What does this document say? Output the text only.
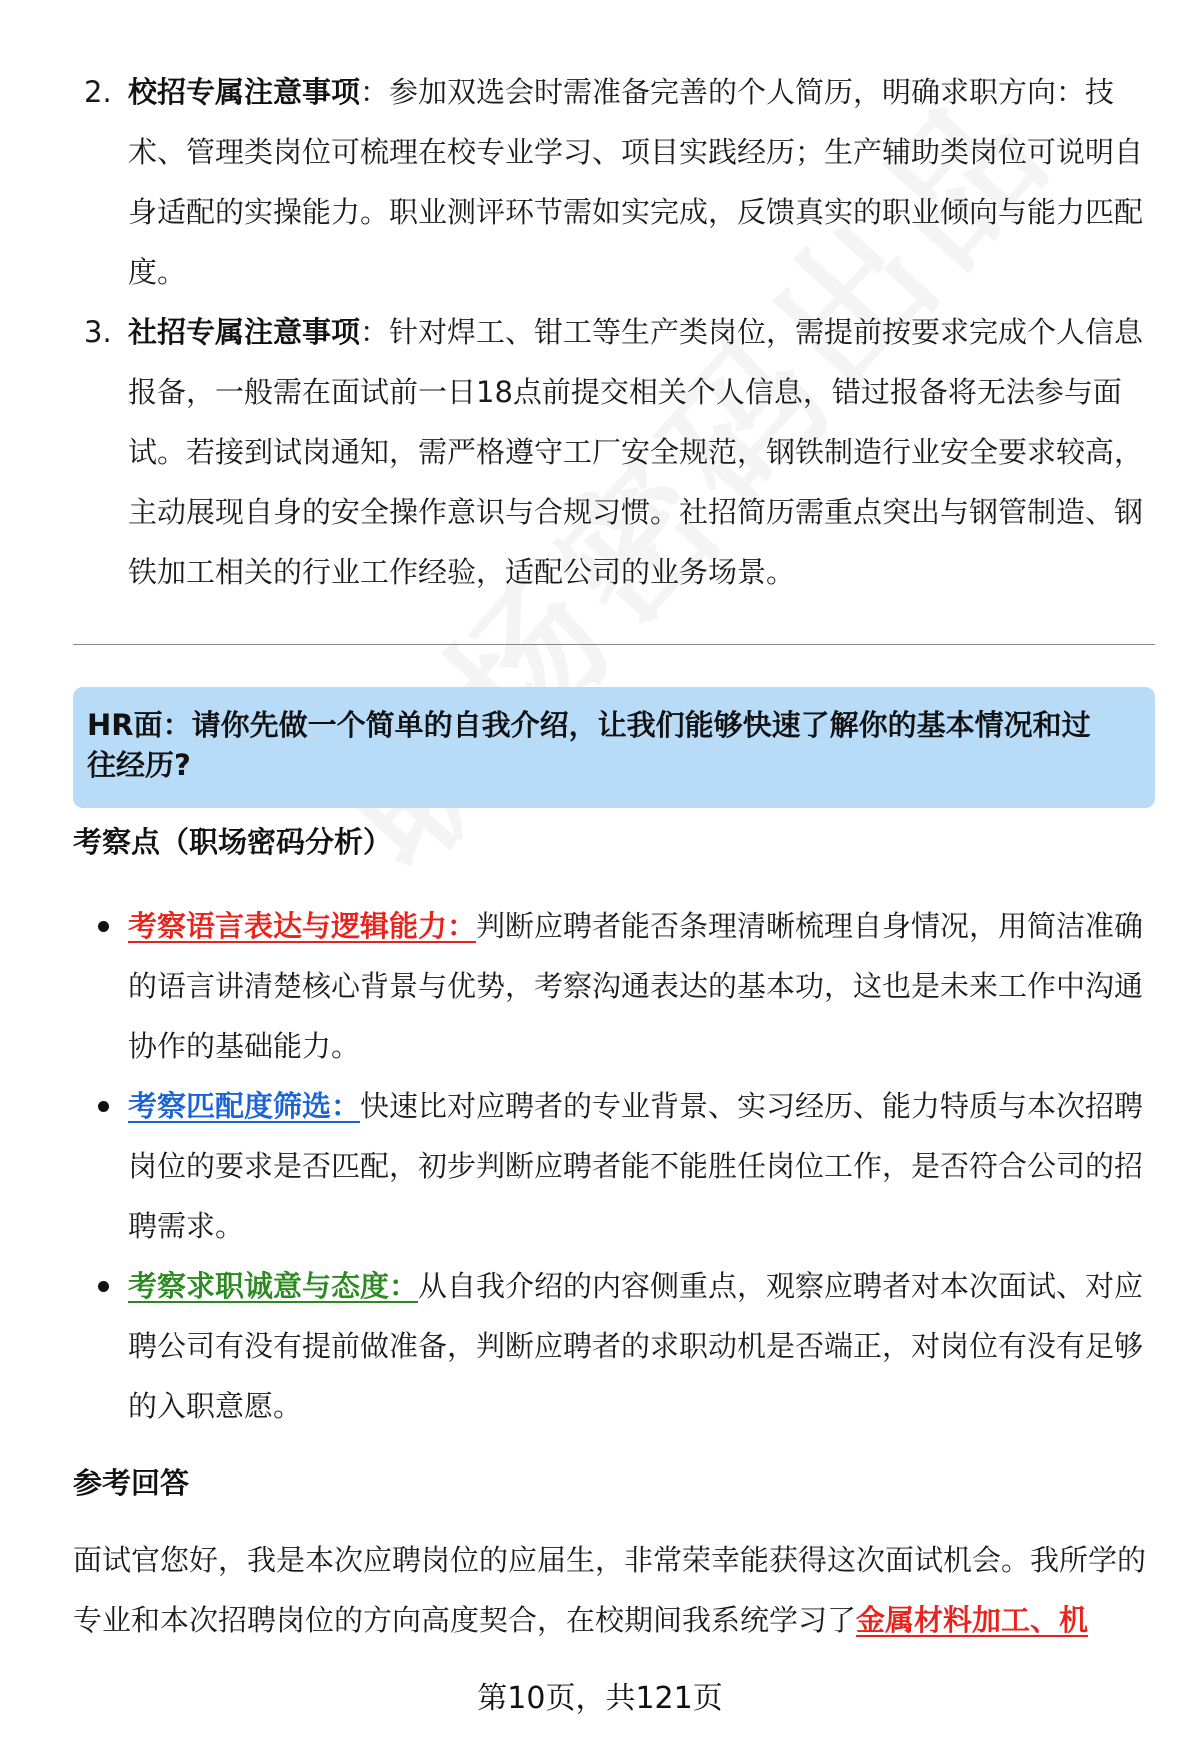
2. 校招专属注意事项：参加双选会时需准备完善的个人简历，明确求职方向：技术、管理类岗位可梳理在校专业学习、项目实践经历；生产辅助类岗位可说明自身适配的实操能力。职业测评环节需如实完成，反馈真实的职业倾向与能力匹配度。
3. 社招专属注意事项：针对焊工、钳工等生产类岗位，需提前按要求完成个人信息报备，一般需在面试前一日18点前提交相关个人信息，错过报备将无法参与面试。若接到试岗通知，需严格遵守工厂安全规范，钢铁制造行业安全要求较高，主动展现自身的安全操作意识与合规习惯。社招简历需重点突出与钢管制造、钢铁加工相关的行业工作经验，适配公司的业务场景。
HR面：请你先做一个简单的自我介绍，让我们能够快速了解你的基本情况和过往经历?
考察点（职场密码分析）
考察语言表达与逻辑能力：判断应聘者能否条理清晰梳理自身情况，用简洁准确的语言讲清楚核心背景与优势，考察沟通表达的基本功，这也是未来工作中沟通协作的基础能力。
考察匹配度筛选：快速比对应聘者的专业背景、实习经历、能力特质与本次招聘岗位的要求是否匹配，初步判断应聘者能不能胜任岗位工作，是否符合公司的招聘需求。
考察求职诚意与态度：从自我介绍的内容侧重点，观察应聘者对本次面试、对应聘公司有没有提前做准备，判断应聘者的求职动机是否端正，对岗位有没有足够的入职意愿。
参考回答
面试官您好，我是本次应聘岗位的应届生，非常荣幸能获得这次面试机会。我所学的专业和本次招聘岗位的方向高度契合，在校期间我系统学习了金属材料加工、机
第10页，共121页
